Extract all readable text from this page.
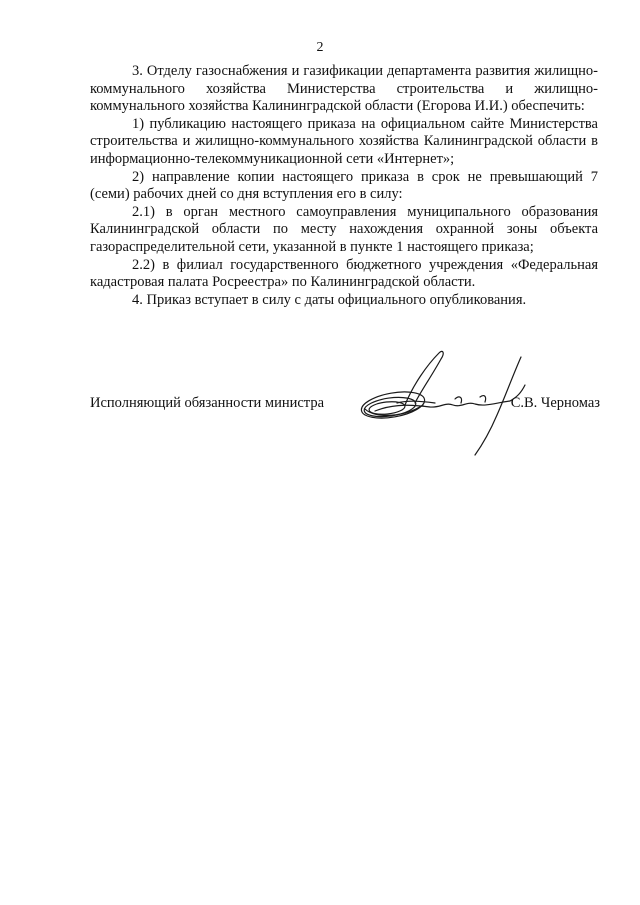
2

3. Отделу газоснабжения и газификации департамента развития жилищно-коммунального хозяйства Министерства строительства и жилищно-коммунального хозяйства Калининградской области (Егорова И.И.) обеспечить:

1) публикацию настоящего приказа на официальном сайте Министерства строительства и жилищно-коммунального хозяйства Калининградской области в информационно-телекоммуникационной сети «Интернет»;

2) направление копии настоящего приказа в срок не превышающий 7 (семи) рабочих дней со дня вступления его в силу:

2.1) в орган местного самоуправления муниципального образования Калининградской области по месту нахождения охранной зоны объекта газораспределительной сети, указанной в пункте 1 настоящего приказа;

2.2) в филиал государственного бюджетного учреждения «Федеральная кадастровая палата Росреестра» по Калининградской области.

4. Приказ вступает в силу с даты официального опубликования.

Исполняющий обязанности министра	С.В. Черномаз
